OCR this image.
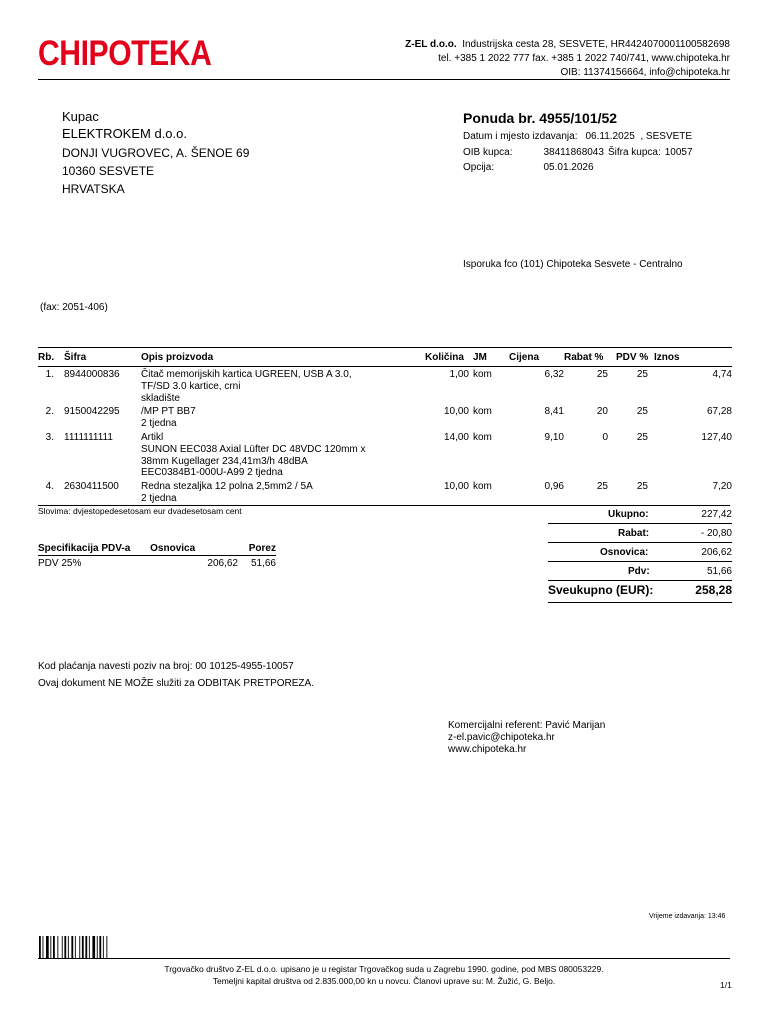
CHIPOTEKA	Z-EL d.o.o. Industrijska cesta 28, SESVETE, HR4424070001100582698
tel. +385 1 2022 777 fax. +385 1 2022 740/741, www.chipoteka.hr
OIB: 11374156664, info@chipoteka.hr
Kupac
ELEKTROKEM d.o.o.
DONJI VUGROVEC, A. ŠENOE 69
10360 SESVETE
HRVATSKA
Ponuda br. 4955/101/52
Datum i mjesto izdavanja:	06.11.2025 , SESVETE
OIB kupca:	38411868043	Šifra kupca:	10057
Opcija:	05.01.2026		
Isporuka fco (101) Chipoteka Sesvete - Centralno
(fax: 2051-406)
Rb.	Šifra	Opis proizvoda	Količina	JM	Cijena	Rabat %	PDV %	Iznos
1.	8944000836	Čitač memorijskih kartica UGREEN, USB A 3.0,
TF/SD 3.0 kartice, crni
skladište	1,00	kom	6,32	25	25	4,74
2.	9150042295	/MP PT BB7
2 tjedna	10,00	kom	8,41	20	25	67,28
3.	1111111111	Artikl
SUNON EEC038 Axial Lüfter DC 48VDC 120mm x
38mm Kugellager 234,41m3/h 48dBA
EEC0384B1-000U-A99 2 tjedna	14,00	kom	9,10	0	25	127,40
4.	2630411500	Redna stezaljka 12 polna 2,5mm2 / 5A
2 tjedna	10,00	kom	0,96	25	25	7,20
Slovima: dvjestopedesetosam eur dvadesetosam cent	Ukupno:	227,42
Rabat:	- 20,80
Osnovica:	206,62
Pdv:	51,66
Sveukupno (EUR):	258,28
Specifikacija PDV-a	Osnovica	Porez
PDV 25%	206,62	51,66
Kod plaćanja navesti poziv na broj: 00 10125-4955-10057
Ovaj dokument NE MOŽE služiti za ODBITAK PRETPOREZA.
Komercijalni referent: Pavić Marijan
z-el.pavic@chipoteka.hr
www.chipoteka.hr
Vrijeme izdavanja: 13:46
Trgovačko društvo Z-EL d.o.o. upisano je u registar Trgovačkog suda u Zagrebu 1990. godine, pod MBS 080053229.
Temeljni kapital društva od 2.835.000,00 kn u novcu. Članovi uprave su: M. Žužić, G. Beljo.	1/1
